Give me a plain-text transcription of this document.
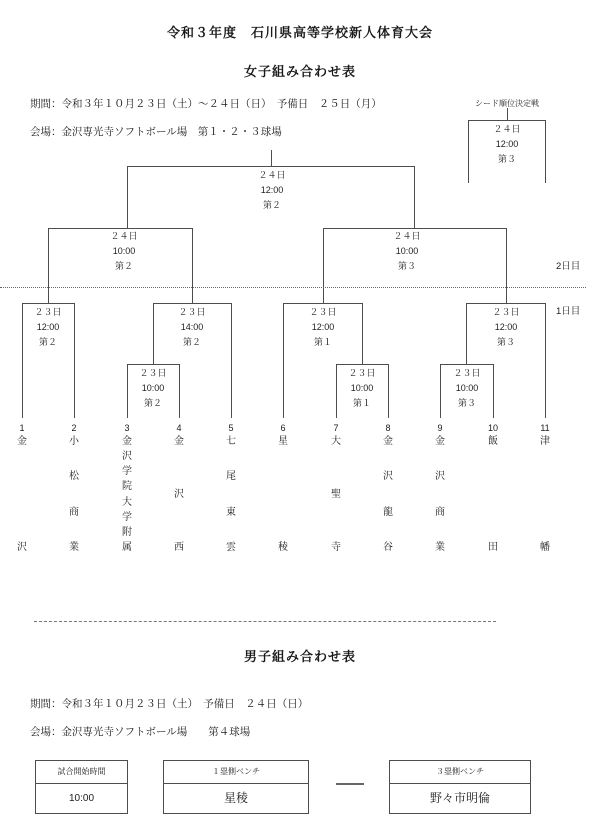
令和３年度　石川県高等学校新人体育大会
女子組み合わせ表
期間：令和３年１０月２３日（土）～２４日（日）　予備日　２５日（月）
会場：金沢専光寺ソフトボール場　第１・２・３球場
シード順位決定戦
２４日
12:00
第３
２４日
12:00
第２
２４日
10:00
第２
２４日
10:00
第３
２３日
12:00
第２
２３日
14:00
第２
２３日
10:00
第２
２３日
12:00
第１
２３日
10:00
第１
２３日
12:00
第３
２３日
10:00
第３
2日目
1日目
1
金
沢
2
小
松
商
業
3
金
沢
学
院
大
学
附
属
4
金
沢
西
5
七
尾
東
雲
6
星
稜
7
大
聖
寺
8
金
沢
龍
谷
9
金
沢
商
業
10
飯
田
11
津
幡
男子組み合わせ表
期間：令和３年１０月２３日（土）　予備日　２４日（日）
会場：金沢専光寺ソフトボール場　　第４球場
試合開始時間
10:00
１塁側ベンチ
星稜
３塁側ベンチ
野々市明倫
